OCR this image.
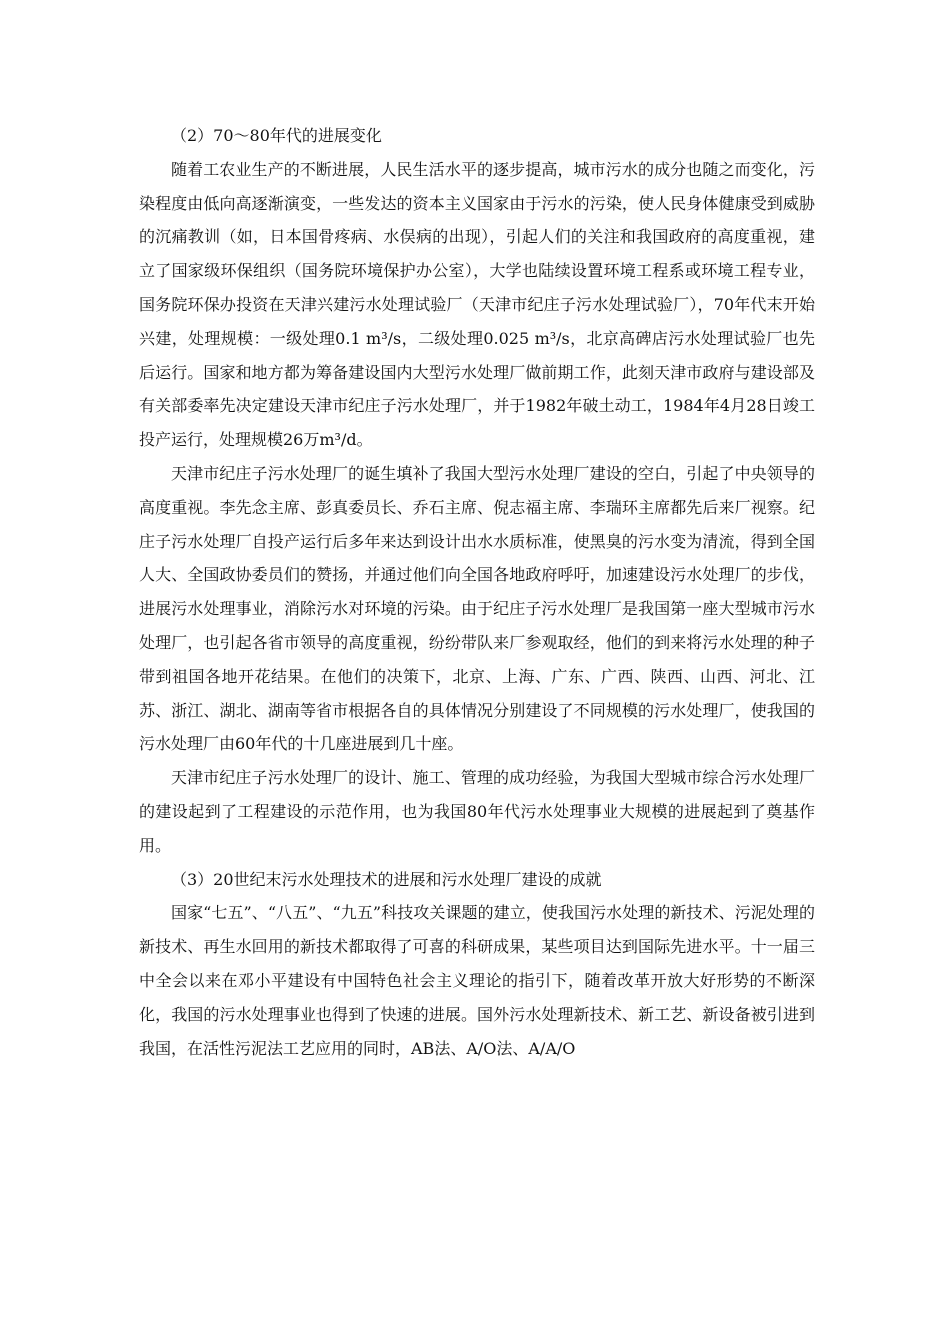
（2）70～80年代的进展变化

随着工农业生产的不断进展，人民生活水平的逐步提高，城市污水的成分也随之而变化，污染程度由低向高逐渐演变，一些发达的资本主义国家由于污水的污染，使人民身体健康受到威胁的沉痛教训（如，日本国骨疼病、水俣病的出现），引起人们的关注和我国政府的高度重视，建立了国家级环保组织（国务院环境保护办公室），大学也陆续设置环境工程系或环境工程专业，国务院环保办投资在天津兴建污水处理试验厂（天津市纪庄子污水处理试验厂），70年代末开始兴建，处理规模：一级处理0.1 m³/s，二级处理0.025 m³/s，北京高碑店污水处理试验厂也先后运行。国家和地方都为筹备建设国内大型污水处理厂做前期工作，此刻天津市政府与建设部及有关部委率先决定建设天津市纪庄子污水处理厂，并于1982年破土动工，1984年4月28日竣工投产运行，处理规模26万m³/d。

天津市纪庄子污水处理厂的诞生填补了我国大型污水处理厂建设的空白，引起了中央领导的高度重视。李先念主席、彭真委员长、乔石主席、倪志福主席、李瑞环主席都先后来厂视察。纪庄子污水处理厂自投产运行后多年来达到设计出水水质标准，使黑臭的污水变为清流，得到全国人大、全国政协委员们的赞扬，并通过他们向全国各地政府呼吁，加速建设污水处理厂的步伐，进展污水处理事业，消除污水对环境的污染。由于纪庄子污水处理厂是我国第一座大型城市污水处理厂，也引起各省市领导的高度重视，纷纷带队来厂参观取经，他们的到来将污水处理的种子带到祖国各地开花结果。在他们的决策下，北京、上海、广东、广西、陕西、山西、河北、江苏、浙江、湖北、湖南等省市根据各自的具体情况分别建设了不同规模的污水处理厂，使我国的污水处理厂由60年代的十几座进展到几十座。

天津市纪庄子污水处理厂的设计、施工、管理的成功经验，为我国大型城市综合污水处理厂的建设起到了工程建设的示范作用，也为我国80年代污水处理事业大规模的进展起到了奠基作用。

（3）20世纪末污水处理技术的进展和污水处理厂建设的成就

国家“七五”、“八五”、“九五”科技攻关课题的建立，使我国污水处理的新技术、污泥处理的新技术、再生水回用的新技术都取得了可喜的科研成果，某些项目达到国际先进水平。十一届三中全会以来在邓小平建设有中国特色社会主义理论的指引下，随着改革开放大好形势的不断深化，我国的污水处理事业也得到了快速的进展。国外污水处理新技术、新工艺、新设备被引进到我国，在活性污泥法工艺应用的同时，AB法、A/O法、A/A/O
